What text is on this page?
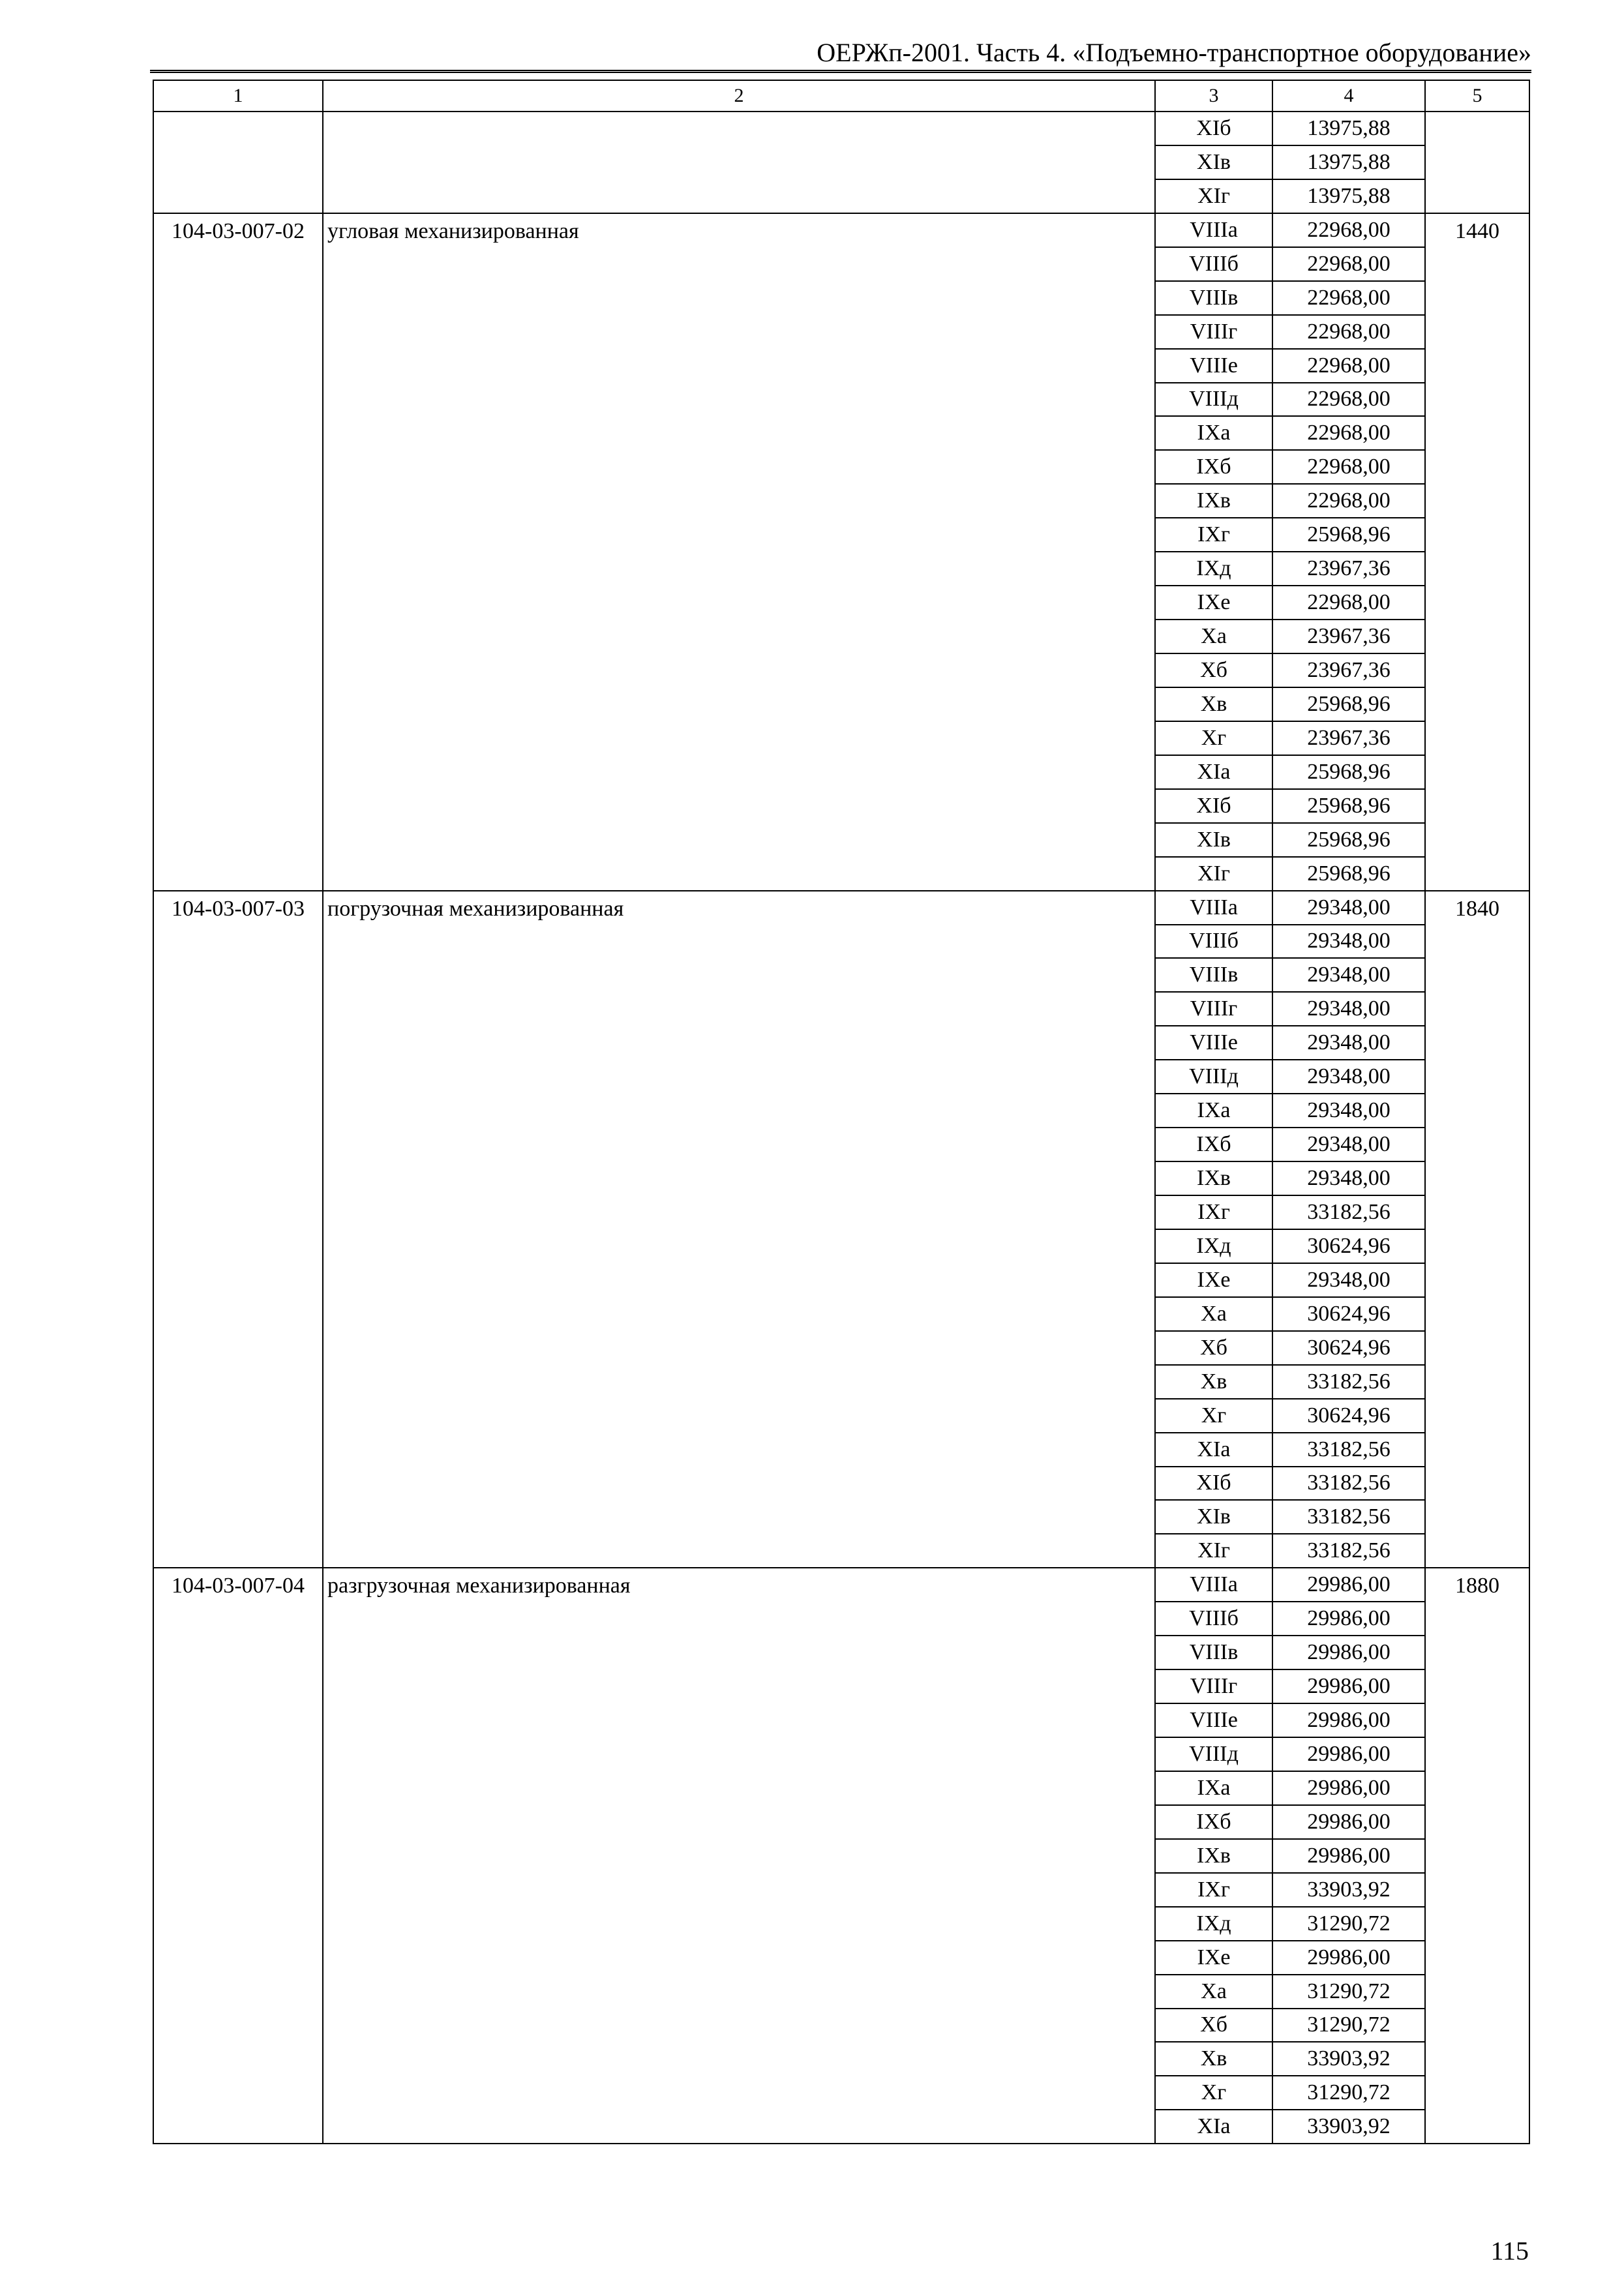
ОЕРЖп-2001. Часть 4. «Подъемно-транспортное оборудование»
1	2	3	4	5
		XIб	13975,88	
		XIв	13975,88	
		XIг	13975,88	
104-03-007-02	угловая механизированная	VIIIа	22968,00	1440
		VIIIб	22968,00	
		VIIIв	22968,00	
		VIIIг	22968,00	
		VIIIе	22968,00	
		VIIIд	22968,00	
		IXа	22968,00	
		IXб	22968,00	
		IXв	22968,00	
		IXг	25968,96	
		IXд	23967,36	
		IXе	22968,00	
		Xа	23967,36	
		Xб	23967,36	
		Xв	25968,96	
		Xг	23967,36	
		XIа	25968,96	
		XIб	25968,96	
		XIв	25968,96	
		XIг	25968,96	
104-03-007-03	погрузочная механизированная	VIIIа	29348,00	1840
		VIIIб	29348,00	
		VIIIв	29348,00	
		VIIIг	29348,00	
		VIIIе	29348,00	
		VIIIд	29348,00	
		IXа	29348,00	
		IXб	29348,00	
		IXв	29348,00	
		IXг	33182,56	
		IXд	30624,96	
		IXе	29348,00	
		Xа	30624,96	
		Xб	30624,96	
		Xв	33182,56	
		Xг	30624,96	
		XIа	33182,56	
		XIб	33182,56	
		XIв	33182,56	
		XIг	33182,56	
104-03-007-04	разгрузочная механизированная	VIIIа	29986,00	1880
		VIIIб	29986,00	
		VIIIв	29986,00	
		VIIIг	29986,00	
		VIIIе	29986,00	
		VIIIд	29986,00	
		IXа	29986,00	
		IXб	29986,00	
		IXв	29986,00	
		IXг	33903,92	
		IXд	31290,72	
		IXе	29986,00	
		Xа	31290,72	
		Xб	31290,72	
		Xв	33903,92	
		Xг	31290,72	
		XIа	33903,92	
115
